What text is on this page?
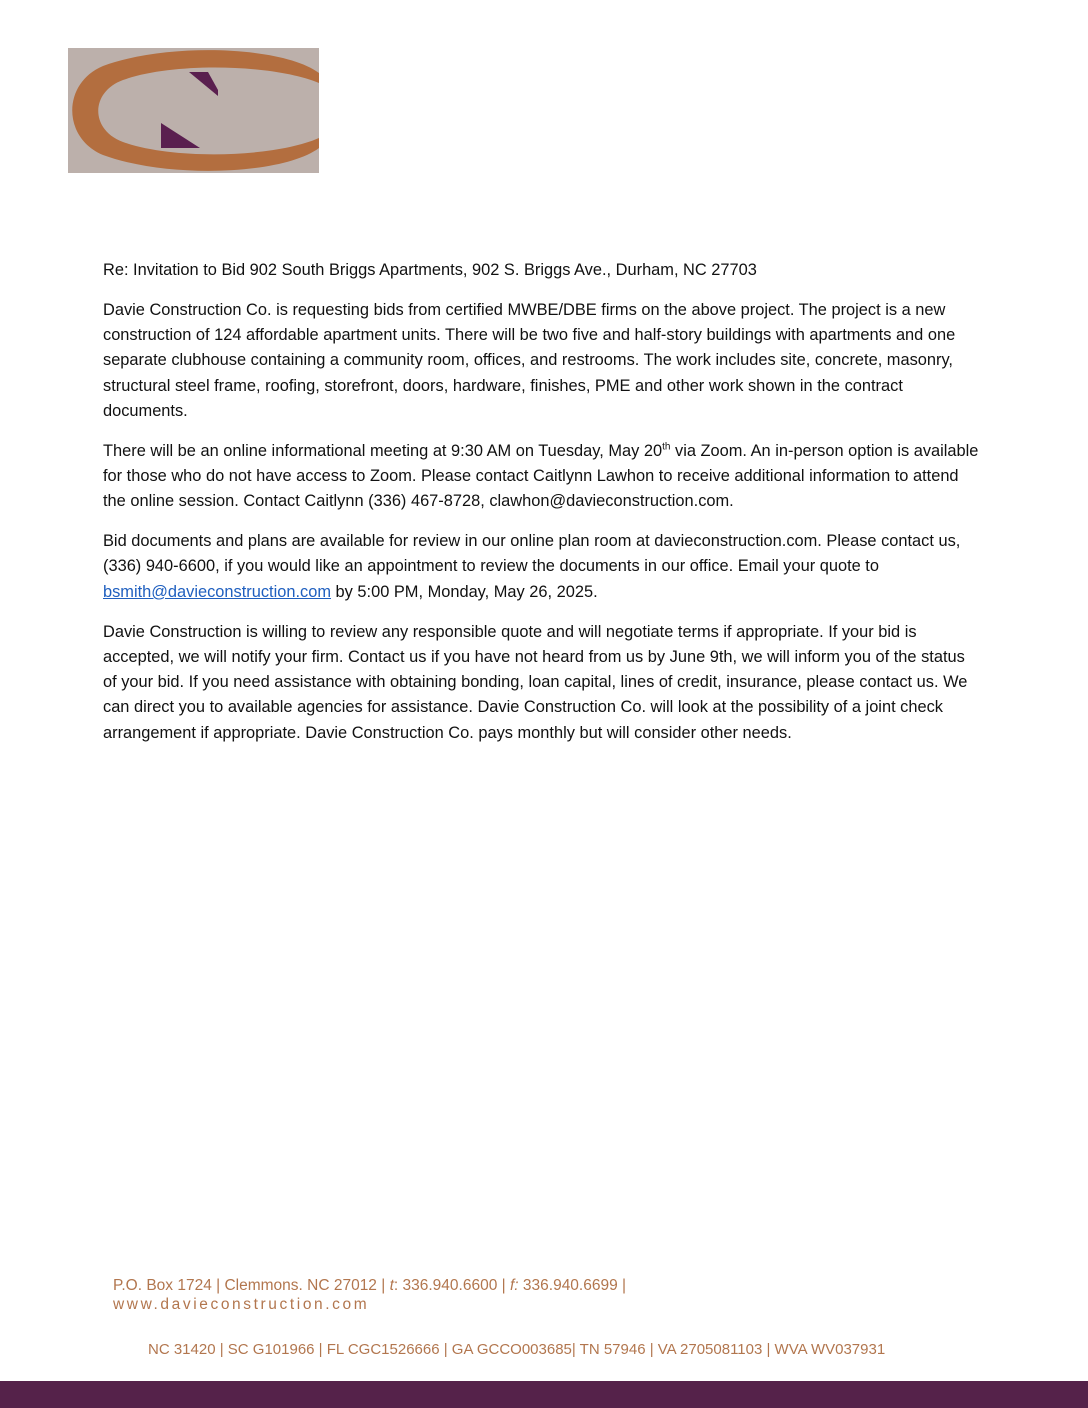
Re: Invitation to Bid 902 South Briggs Apartments, 902 S. Briggs Ave., Durham, NC 27703

Davie Construction Co. is requesting bids from certified MWBE/DBE firms on the above project. The project is a new construction of 124 affordable apartment units. There will be two five and half-story buildings with apartments and one separate clubhouse containing a community room, offices, and restrooms. The work includes site, concrete, masonry, structural steel frame, roofing, storefront, doors, hardware, finishes, PME and other work shown in the contract documents.

There will be an online informational meeting at 9:30 AM on Tuesday, May 20th via Zoom. An in-person option is available for those who do not have access to Zoom. Please contact Caitlynn Lawhon to receive additional information to attend the online session. Contact Caitlynn (336) 467-8728, clawhon@davieconstruction.com.

Bid documents and plans are available for review in our online plan room at davieconstruction.com. Please contact us, (336) 940-6600, if you would like an appointment to review the documents in our office. Email your quote to bsmith@davieconstruction.com by 5:00 PM, Monday, May 26, 2025.

Davie Construction is willing to review any responsible quote and will negotiate terms if appropriate. If your bid is accepted, we will notify your firm. Contact us if you have not heard from us by June 9th, we will inform you of the status of your bid. If you need assistance with obtaining bonding, loan capital, lines of credit, insurance, please contact us. We can direct you to available agencies for assistance. Davie Construction Co. will look at the possibility of a joint check arrangement if appropriate. Davie Construction Co. pays monthly but will consider other needs.

P.O. Box 1724 | Clemmons. NC 27012 | t: 336.940.6600 | f: 336.940.6699 |
www.davieconstruction.com
NC 31420 | SC G101966 | FL CGC1526666 | GA GCCO003685| TN 57946 | VA 2705081103 | WVA WV037931
